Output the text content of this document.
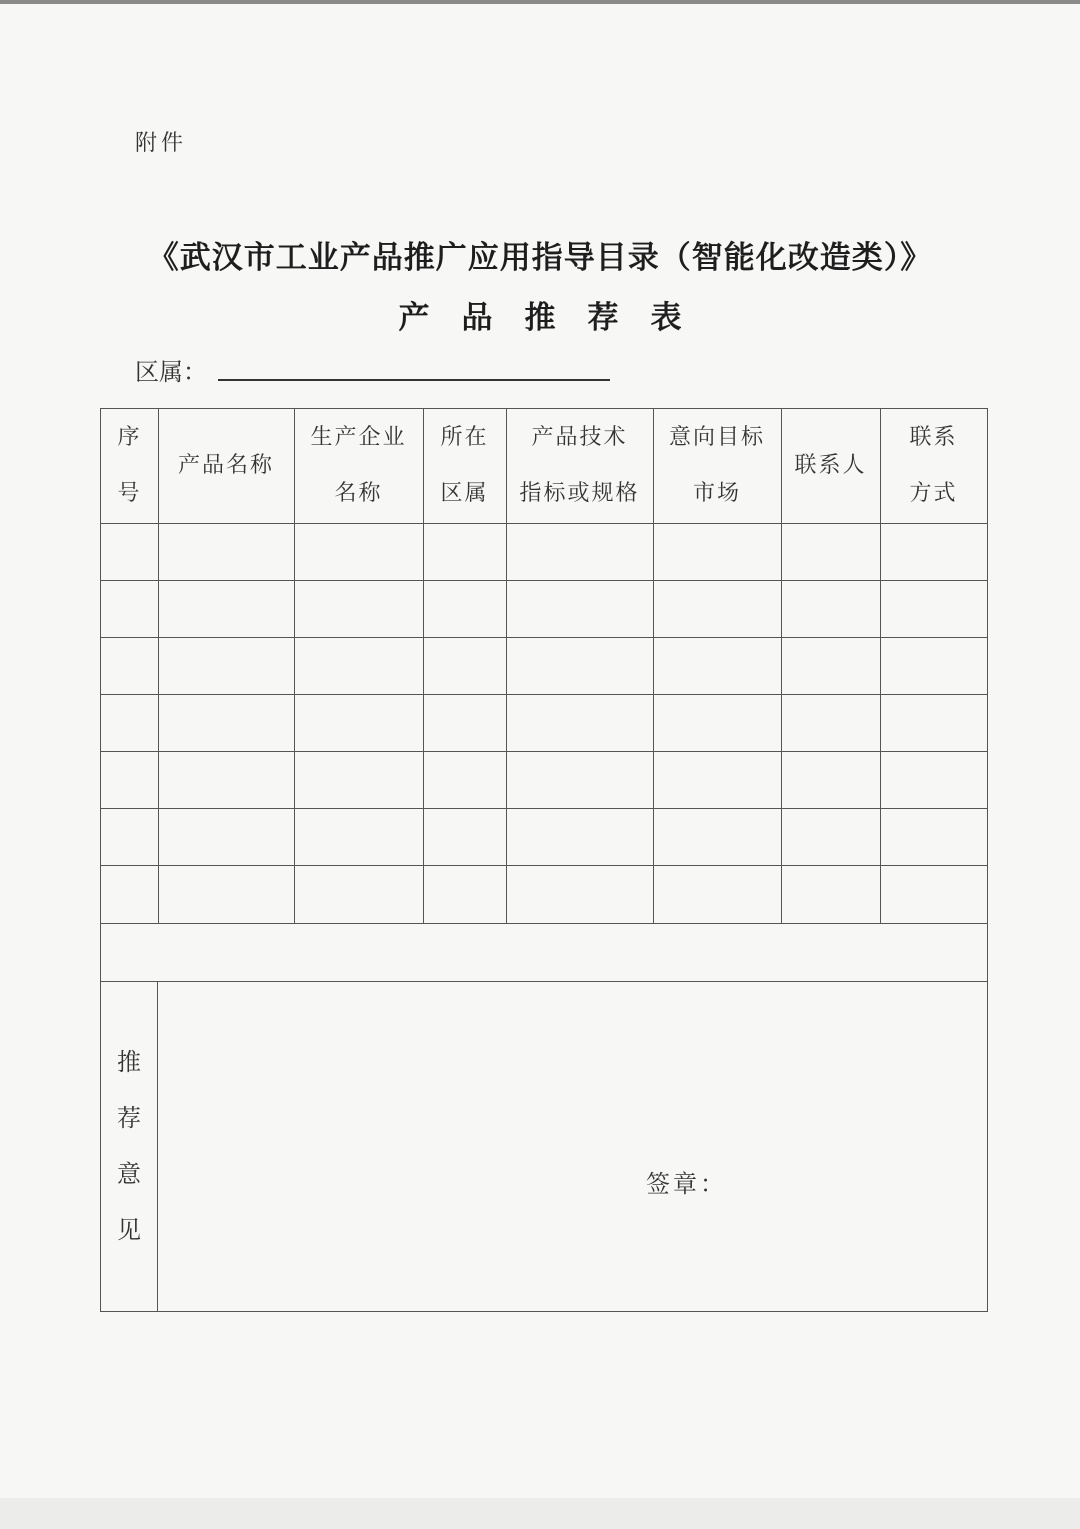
附件
《武汉市工业产品推广应用指导目录（智能化改造类）》
产 品 推 荐 表
区属：
序
号
产品名称
生产企业
名称
所在
区属
产品技术
指标或规格
意向目标
市场
联系人
联系
方式
推
荐
意
见
签章：
